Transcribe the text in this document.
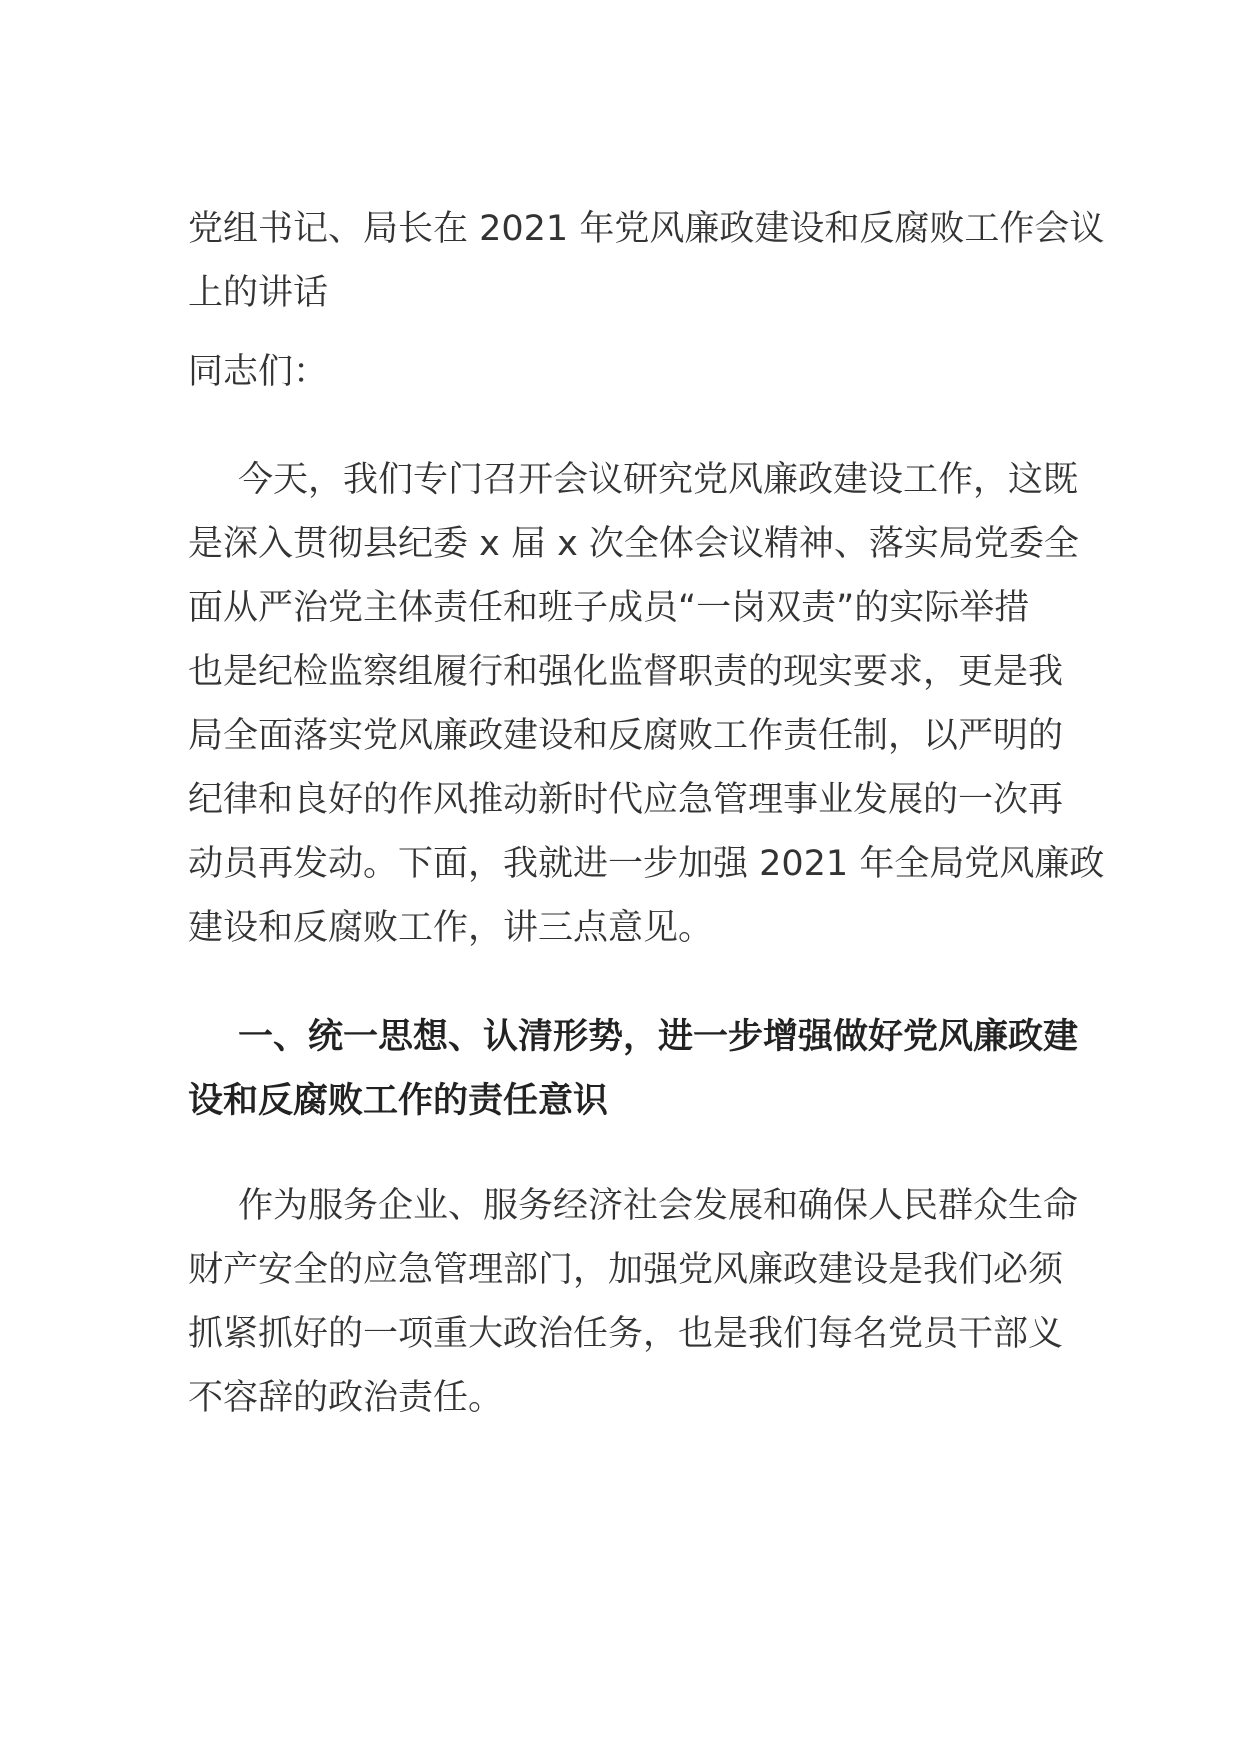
党组书记、局长在 2021 年党风廉政建设和反腐败工作会议
上的讲话
同志们：
今天，我们专门召开会议研究党风廉政建设工作，这既
是深入贯彻县纪委 x 届 x 次全体会议精神、落实局党委全
面从严治党主体责任和班子成员“一岗双责”的实际举措
也是纪检监察组履行和强化监督职责的现实要求，更是我
局全面落实党风廉政建设和反腐败工作责任制，以严明的
纪律和良好的作风推动新时代应急管理事业发展的一次再
动员再发动。下面，我就进一步加强 2021 年全局党风廉政
建设和反腐败工作，讲三点意见。
一、统一思想、认清形势，进一步增强做好党风廉政建
设和反腐败工作的责任意识
作为服务企业、服务经济社会发展和确保人民群众生命
财产安全的应急管理部门，加强党风廉政建设是我们必须
抓紧抓好的一项重大政治任务，也是我们每名党员干部义
不容辞的政治责任。
